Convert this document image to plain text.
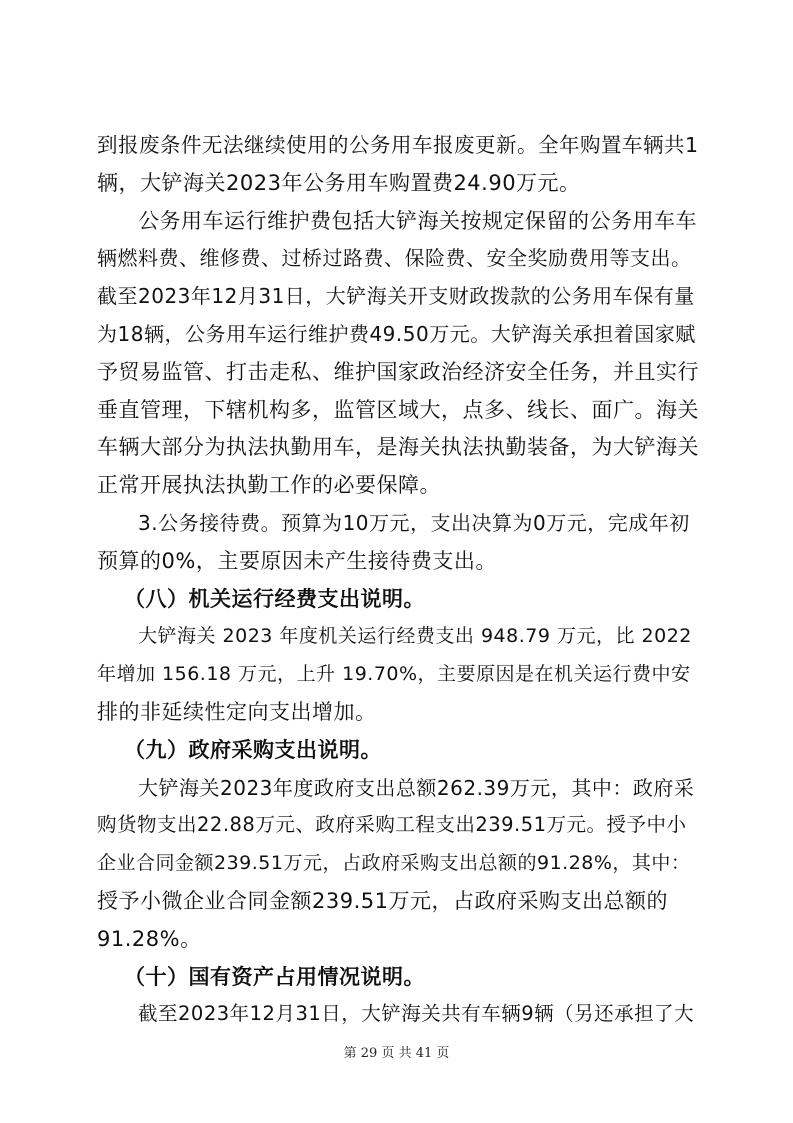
到报废条件无法继续使用的公务用车报废更新。全年购置车辆共1
辆，大铲海关2023年公务用车购置费24.90万元。
公务用车运行维护费包括大铲海关按规定保留的公务用车车
辆燃料费、维修费、过桥过路费、保险费、安全奖励费用等支出。
截至2023年12月31日，大铲海关开支财政拨款的公务用车保有量
为18辆，公务用车运行维护费49.50万元。大铲海关承担着国家赋
予贸易监管、打击走私、维护国家政治经济安全任务，并且实行
垂直管理，下辖机构多，监管区域大，点多、线长、面广。海关
车辆大部分为执法执勤用车，是海关执法执勤装备，为大铲海关
正常开展执法执勤工作的必要保障。
3.公务接待费。预算为10万元，支出决算为0万元，完成年初
预算的0%，主要原因未产生接待费支出。
（八）机关运行经费支出说明。
大铲海关 2023 年度机关运行经费支出 948.79 万元，比 2022
年增加 156.18 万元，上升 19.70%，主要原因是在机关运行费中安
排的非延续性定向支出增加。
（九）政府采购支出说明。
大铲海关2023年度政府支出总额262.39万元，其中：政府采
购货物支出22.88万元、政府采购工程支出239.51万元。授予中小
企业合同金额239.51万元，占政府采购支出总额的91.28%，其中：
授予小微企业合同金额239.51万元，占政府采购支出总额的
91.28%。
（十）国有资产占用情况说明。
截至2023年12月31日，大铲海关共有车辆9辆（另还承担了大
第 29 页 共 41 页
